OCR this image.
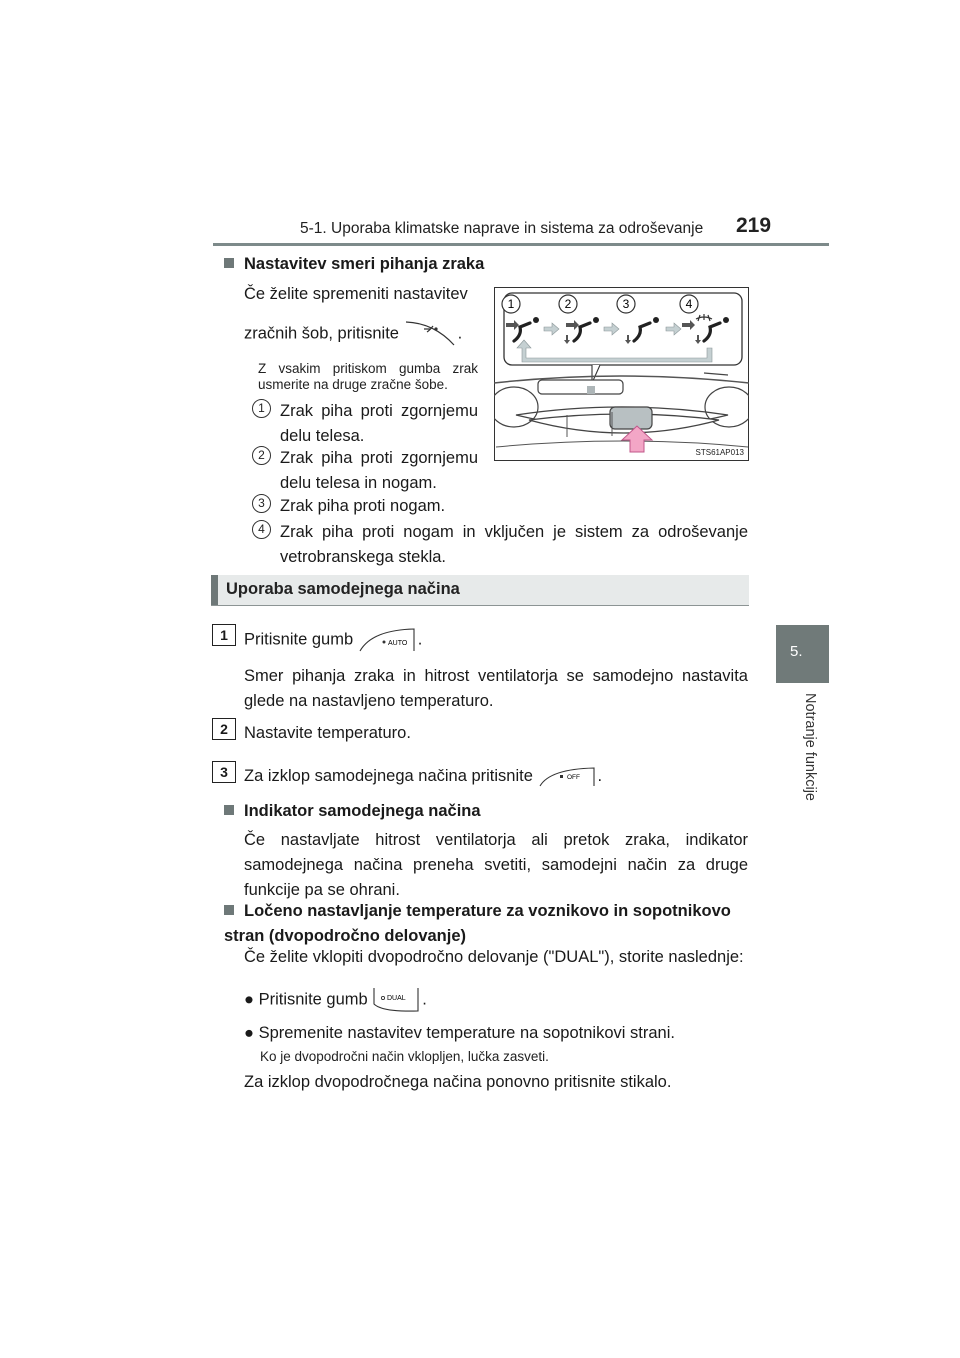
5-1. Uporaba klimatske naprave in sistema za odroševanje 219
5.
Notranje funkcije
Nastavitev smeri pihanja zraka
Če želite spremeniti nastavitev
zračnih šob, pritisnite	.
Z vsakim pritiskom gumba zrak usmerite na druge zračne šobe.
1 Zrak piha proti zgornjemu delu telesa.
2 Zrak piha proti zgornjemu delu telesa in nogam.
3 Zrak piha proti nogam.
4 Zrak piha proti nogam in vključen je sistem za odroševanje vetrobranskega stekla.
1	2	3	4
STS61AP013
Uporaba samodejnega načina
1 Pritisnite gumb	AUTO .
Smer pihanja zraka in hitrost ventilatorja se samodejno nastavita glede na nastavljeno temperaturo.
2 Nastavite temperaturo.
3 Za izklop samodejnega načina pritisnite	OFF .
Indikator samodejnega načina
Če nastavljate hitrost ventilatorja ali pretok zraka, indikator samodejnega načina preneha svetiti, samodejni način za druge funkcije pa se ohrani.
Ločeno nastavljanje temperature za voznikovo in sopotnikovo stran (dvopodročno delovanje)
Če želite vklopiti dvopodročno delovanje ("DUAL"), storite naslednje:
● Pritisnite gumb	DUAL .
● Spremenite nastavitev temperature na sopotnikovi strani.
Ko je dvopodročni način vklopljen, lučka zasveti.
Za izklop dvopodročnega načina ponovno pritisnite stikalo.
